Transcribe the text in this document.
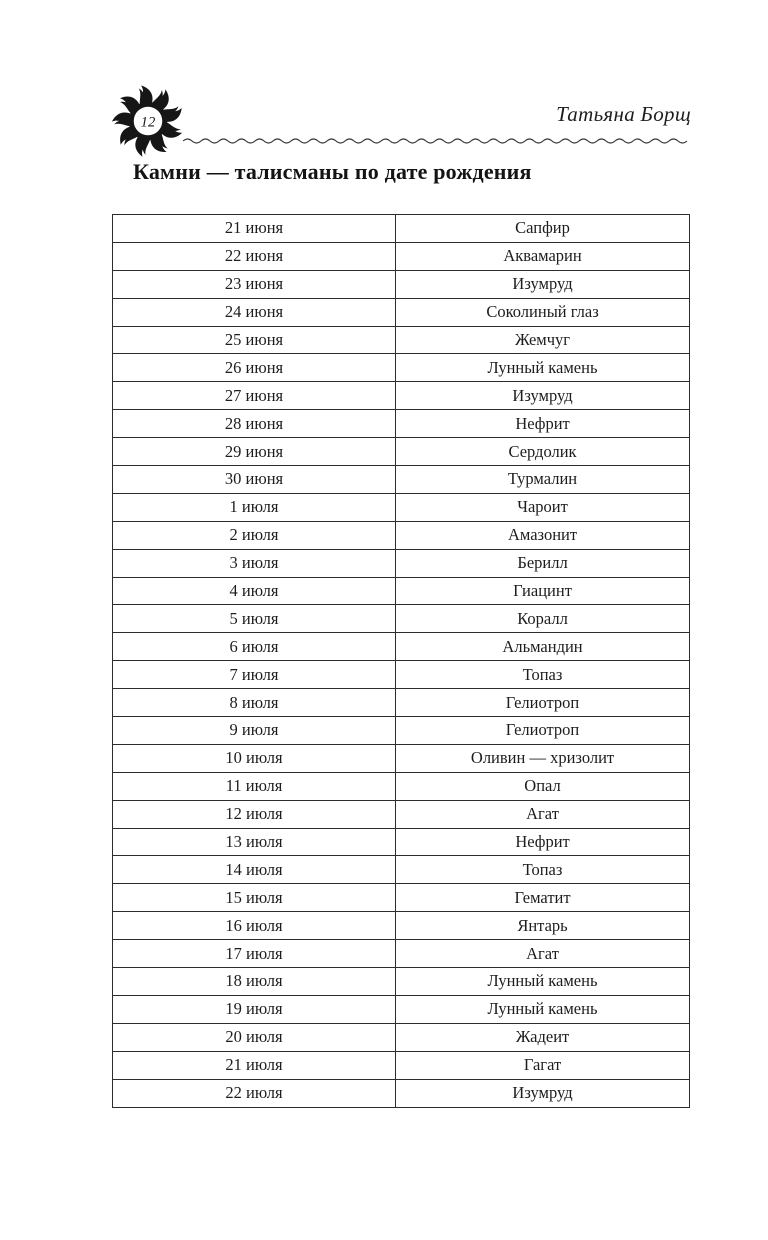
12	Татьяна Борщ
Камни — талисманы по дате рождения
21 июня	Сапфир
22 июня	Аквамарин
23 июня	Изумруд
24 июня	Соколиный глаз
25 июня	Жемчуг
26 июня	Лунный камень
27 июня	Изумруд
28 июня	Нефрит
29 июня	Сердолик
30 июня	Турмалин
1 июля	Чароит
2 июля	Амазонит
3 июля	Берилл
4 июля	Гиацинт
5 июля	Коралл
6 июля	Альмандин
7 июля	Топаз
8 июля	Гелиотроп
9 июля	Гелиотроп
10 июля	Оливин — хризолит
11 июля	Опал
12 июля	Агат
13 июля	Нефрит
14 июля	Топаз
15 июля	Гематит
16 июля	Янтарь
17 июля	Агат
18 июля	Лунный камень
19 июля	Лунный камень
20 июля	Жадеит
21 июля	Гагат
22 июля	Изумруд
